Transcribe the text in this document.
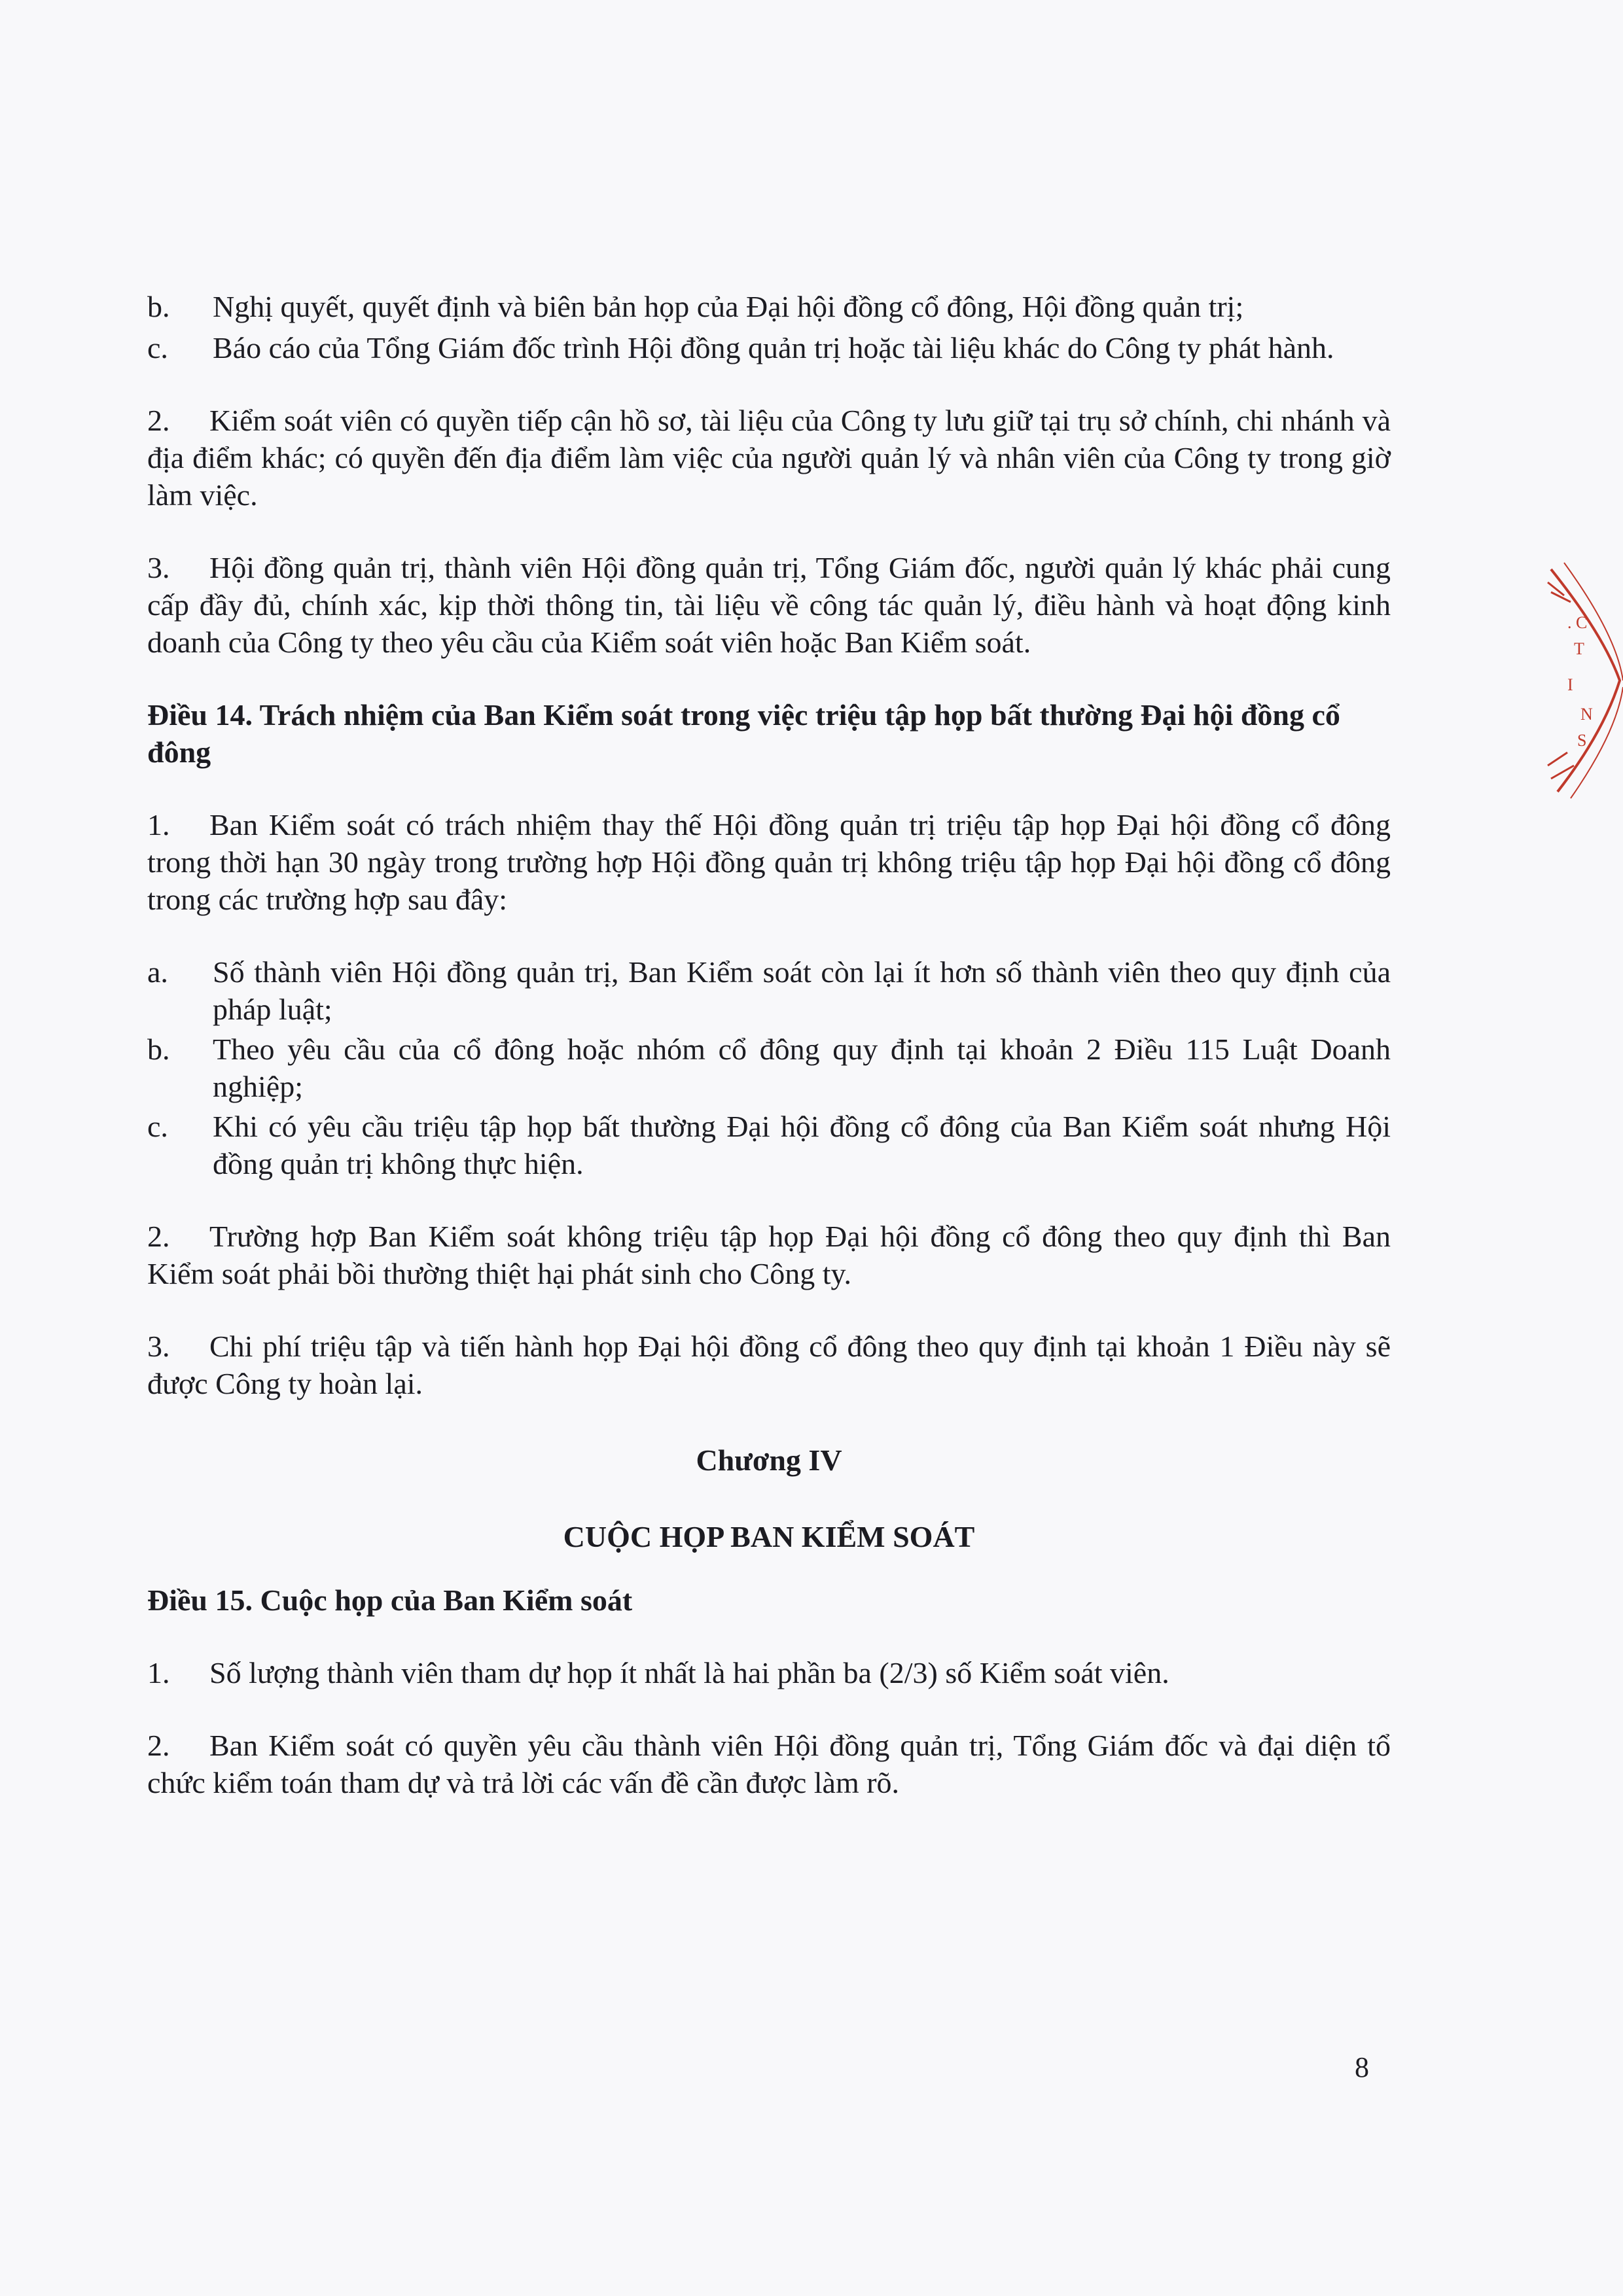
b.	Nghị quyết, quyết định và biên bản họp của Đại hội đồng cổ đông, Hội đồng quản trị;
c.	Báo cáo của Tổng Giám đốc trình Hội đồng quản trị hoặc tài liệu khác do Công ty phát hành.

2. Kiểm soát viên có quyền tiếp cận hồ sơ, tài liệu của Công ty lưu giữ tại trụ sở chính, chi nhánh và địa điểm khác; có quyền đến địa điểm làm việc của người quản lý và nhân viên của Công ty trong giờ làm việc.

3. Hội đồng quản trị, thành viên Hội đồng quản trị, Tổng Giám đốc, người quản lý khác phải cung cấp đầy đủ, chính xác, kịp thời thông tin, tài liệu về công tác quản lý, điều hành và hoạt động kinh doanh của Công ty theo yêu cầu của Kiểm soát viên hoặc Ban Kiểm soát.

Điều 14. Trách nhiệm của Ban Kiểm soát trong việc triệu tập họp bất thường Đại hội đồng cổ đông

1. Ban Kiểm soát có trách nhiệm thay thế Hội đồng quản trị triệu tập họp Đại hội đồng cổ đông trong thời hạn 30 ngày trong trường hợp Hội đồng quản trị không triệu tập họp Đại hội đồng cổ đông trong các trường hợp sau đây:

a.	Số thành viên Hội đồng quản trị, Ban Kiểm soát còn lại ít hơn số thành viên theo quy định của pháp luật;
b.	Theo yêu cầu của cổ đông hoặc nhóm cổ đông quy định tại khoản 2 Điều 115 Luật Doanh nghiệp;
c.	Khi có yêu cầu triệu tập họp bất thường Đại hội đồng cổ đông của Ban Kiểm soát nhưng Hội đồng quản trị không thực hiện.

2. Trường hợp Ban Kiểm soát không triệu tập họp Đại hội đồng cổ đông theo quy định thì Ban Kiểm soát phải bồi thường thiệt hại phát sinh cho Công ty.

3. Chi phí triệu tập và tiến hành họp Đại hội đồng cổ đông theo quy định tại khoản 1 Điều này sẽ được Công ty hoàn lại.

Chương IV

CUỘC HỌP BAN KIỂM SOÁT

Điều 15. Cuộc họp của Ban Kiểm soát

1. Số lượng thành viên tham dự họp ít nhất là hai phần ba (2/3) số Kiểm soát viên.

2. Ban Kiểm soát có quyền yêu cầu thành viên Hội đồng quản trị, Tổng Giám đốc và đại diện tổ chức kiểm toán tham dự và trả lời các vấn đề cần được làm rõ.

8
. C
T
I
N
S
